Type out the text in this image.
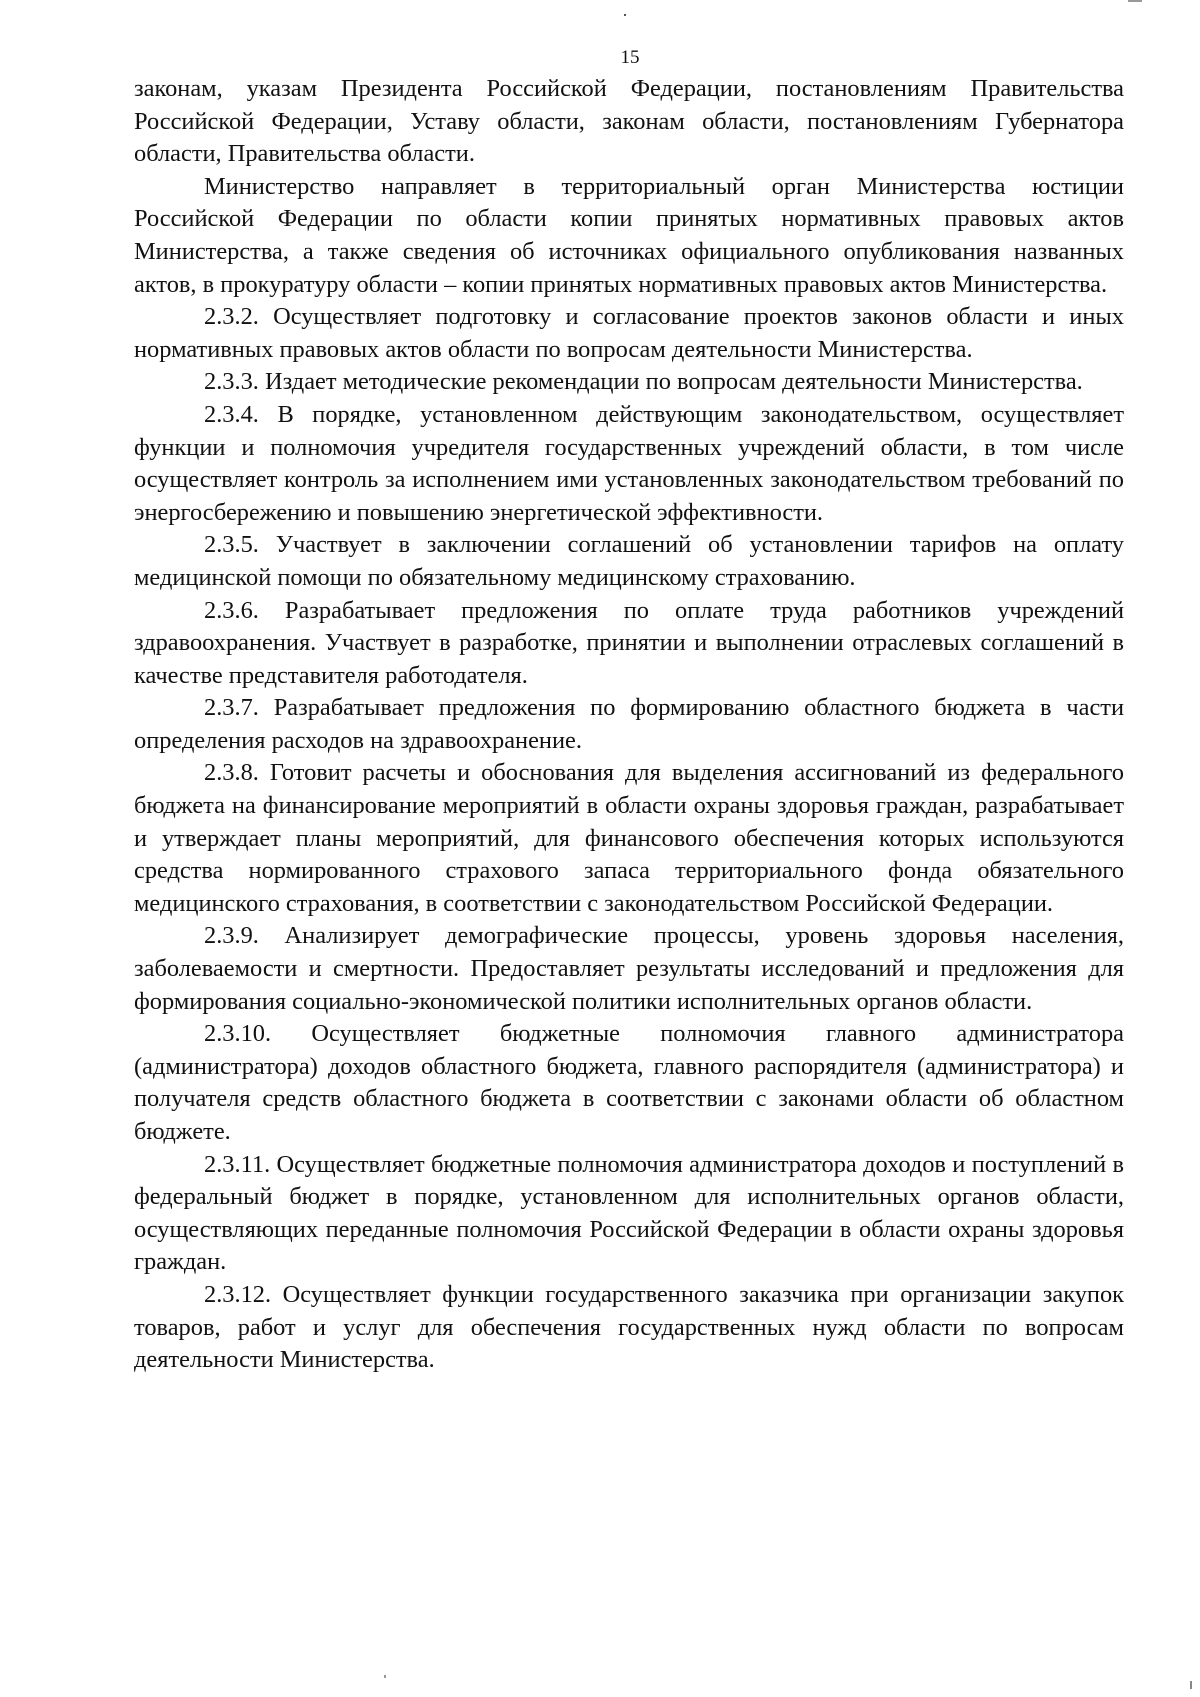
15

законам, указам Президента Российской Федерации, постановлениям Правительства Российской Федерации, Уставу области, законам области, постановлениям Губернатора области, Правительства области.

Министерство направляет в территориальный орган Министерства юстиции Российской Федерации по области копии принятых нормативных правовых актов Министерства, а также сведения об источниках официального опубликования названных актов, в прокуратуру области – копии принятых нормативных правовых актов Министерства.

2.3.2. Осуществляет подготовку и согласование проектов законов области и иных нормативных правовых актов области по вопросам деятельности Министерства.

2.3.3. Издает методические рекомендации по вопросам деятельности Министерства.

2.3.4. В порядке, установленном действующим законодательством, осуществляет функции и полномочия учредителя государственных учреждений области, в том числе осуществляет контроль за исполнением ими установленных законодательством требований по энергосбережению и повышению энергетической эффективности.

2.3.5. Участвует в заключении соглашений об установлении тарифов на оплату медицинской помощи по обязательному медицинскому страхованию.

2.3.6. Разрабатывает предложения по оплате труда работников учреждений здравоохранения. Участвует в разработке, принятии и выполнении отраслевых соглашений в качестве представителя работодателя.

2.3.7. Разрабатывает предложения по формированию областного бюджета в части определения расходов на здравоохранение.

2.3.8. Готовит расчеты и обоснования для выделения ассигнований из федерального бюджета на финансирование мероприятий в области охраны здоровья граждан, разрабатывает и утверждает планы мероприятий, для финансового обеспечения которых используются средства нормированного страхового запаса территориального фонда обязательного медицинского страхования, в соответствии с законодательством Российской Федерации.

2.3.9. Анализирует демографические процессы, уровень здоровья населения, заболеваемости и смертности. Предоставляет результаты исследований и предложения для формирования социально-экономической политики исполнительных органов области.

2.3.10. Осуществляет бюджетные полномочия главного администратора (администратора) доходов областного бюджета, главного распорядителя (администратора) и получателя средств областного бюджета в соответствии с законами области об областном бюджете.

2.3.11. Осуществляет бюджетные полномочия администратора доходов и поступлений в федеральный бюджет в порядке, установленном для исполнительных органов области, осуществляющих переданные полномочия Российской Федерации в области охраны здоровья граждан.

2.3.12. Осуществляет функции государственного заказчика при организации закупок товаров, работ и услуг для обеспечения государственных нужд области по вопросам деятельности Министерства.
